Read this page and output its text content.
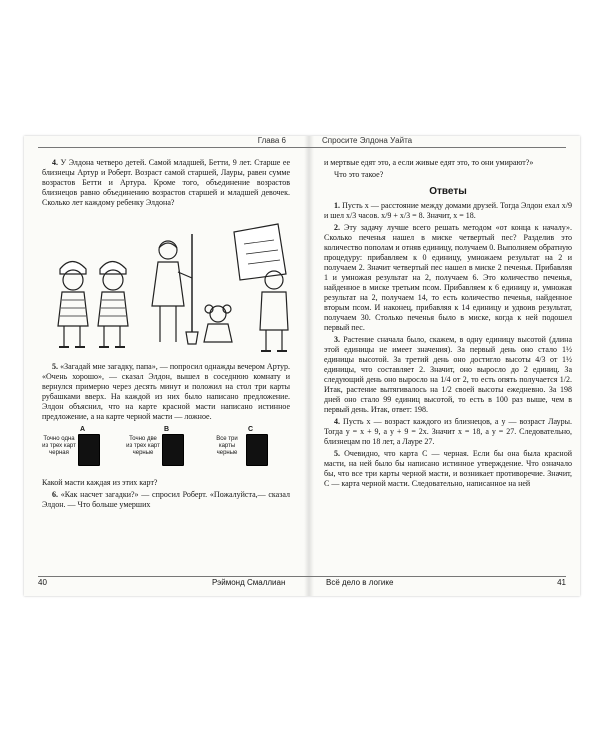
Глава 6	Спросите Элдона Уайта

4. У Элдона четверо детей. Самой младшей, Бетти, 9 лет. Старше ее близнецы Артур и Роберт. Возраст самой старшей, Лауры, равен сумме возрастов Бетти и Артура. Кроме того, объединение возрастов близнецов равно объединению возрастов старшей и младшей девочек. Сколько лет каждому ребенку Элдона?

5. «Загадай мне загадку, папа», — попросил однажды вечером Артур. «Очень хорошо», — сказал Элдон, вышел в соседнюю комнату и вернулся примерно через десять минут и положил на стол три карты рубашками вверх. На каждой из них было написано предложение. Элдон объяснил, что на карте красной масти написано истинное предложение, а на карте черной масти — ложное.

A
Точно одна из трех карт черная
B
Точно две из трех карт черные
C
Все три карты черные

Какой масти каждая из этих карт?

6. «Как насчет загадки?» — спросил Роберт. «Пожалуйста,— сказал Элдон. — Что больше умерших

и мертвые едят это, а если живые едят это, то они умирают?»

Что это такое?

Ответы

1. Пусть x — расстояние между домами друзей. Тогда Элдон ехал x/9 и шел x/3 часов. x/9 + x/3 = 8. Значит, x = 18.

2. Эту задачу лучше всего решать методом «от конца к началу». Сколько печенья нашел в миске четвертый пес? Разделив это количество пополам и отняв единицу, получаем 0. Выполняем обратную процедуру: прибавляем к 0 единицу, умножаем результат на 2 и получаем 2. Значит четвертый пес нашел в миске 2 печенья. Прибавляя 1 и умножая результат на 2, получаем 6. Это количество печенья, найденное в миске третьим псом. Прибавляем к 6 единицу и, умножая результат на 2, получаем 14, то есть количество печенья, найденное вторым псом. И наконец, прибавляя к 14 единицу и удвоив результат, получаем 30. Столько печенья было в миске, когда к ней подошел первый пес.

3. Растение сначала было, скажем, в одну единицу высотой (длина этой единицы не имеет значения). За первый день оно стало 1½ единицы высотой. За третий день оно достигло высоты 4/3 от 1½ единицы, что составляет 2. Значит, оно выросло до 2 единиц. За следующий день оно выросло на 1/4 от 2, то есть опять получается 1/2. Итак, растение вытягивалось на 1/2 своей высоты ежедневно. За 198 дней оно стало 99 единиц высотой, то есть в 100 раз выше, чем в первый день. Итак, ответ: 198.

4. Пусть x — возраст каждого из близнецов, а y — возраст Лауры. Тогда y = x + 9, а y + 9 = 2x. Значит x = 18, а y = 27. Следовательно, близнецам по 18 лет, а Лауре 27.

5. Очевидно, что карта C — черная. Если бы она была красной масти, на ней было бы написано истинное утверждение. Что означало бы, что все три карты черной масти, и возникает противоречие. Значит, C — карта черной масти. Следовательно, написанное на ней

40	Рэймонд Смаллиан	Всё дело в логике	41
